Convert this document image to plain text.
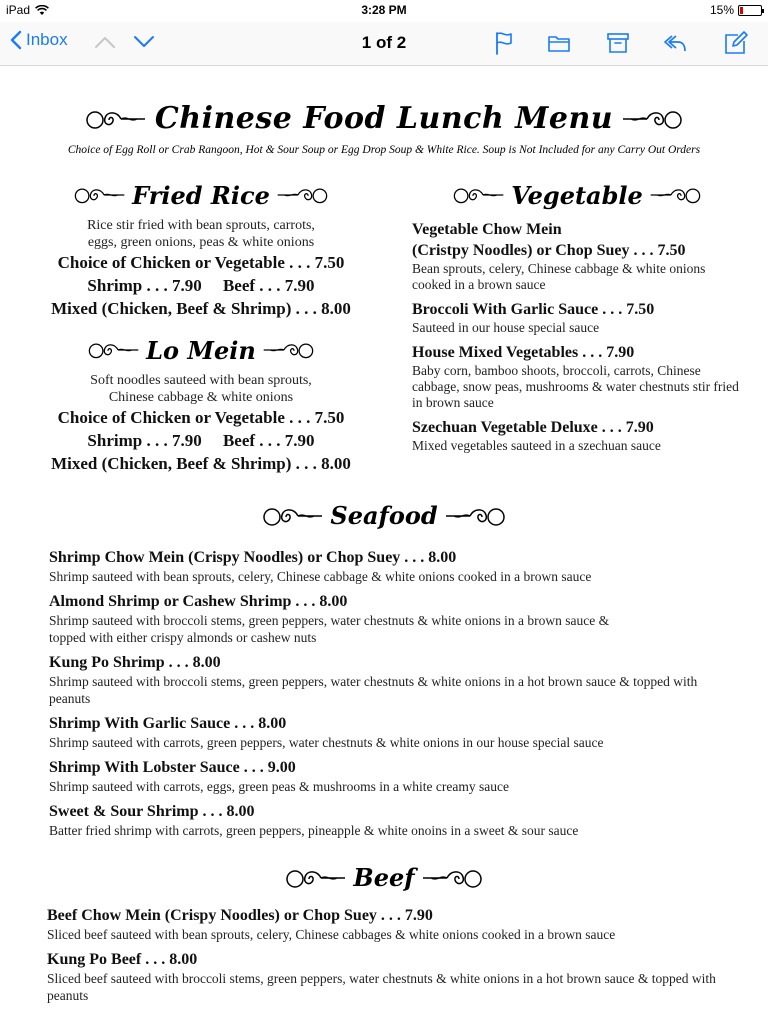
iPad	3:28 PM	15%
Inbox	1 of 2
Chinese Food Lunch Menu
Choice of Egg Roll or Crab Rangoon, Hot & Sour Soup or Egg Drop Soup & White Rice. Soup is Not Included for any Carry Out Orders
Fried Rice
Rice stir fried with bean sprouts, carrots,
eggs, green onions, peas & white onions
Choice of Chicken or Vegetable . . . 7.50
Shrimp . . . 7.90 Beef . . . 7.90
Mixed (Chicken, Beef & Shrimp) . . . 8.00
Lo Mein
Soft noodles sauteed with bean sprouts,
Chinese cabbage & white onions
Choice of Chicken or Vegetable . . . 7.50
Shrimp . . . 7.90 Beef . . . 7.90
Mixed (Chicken, Beef & Shrimp) . . . 8.00
Vegetable
Vegetable Chow Mein
(Cristpy Noodles) or Chop Suey . . . 7.50
Bean sprouts, celery, Chinese cabbage & white onions cooked in a brown sauce
Broccoli With Garlic Sauce . . . 7.50
Sauteed in our house special sauce
House Mixed Vegetables . . . 7.90
Baby corn, bamboo shoots, broccoli, carrots, Chinese cabbage, snow peas, mushrooms & water chestnuts stir fried in brown sauce
Szechuan Vegetable Deluxe . . . 7.90
Mixed vegetables sauteed in a szechuan sauce
Seafood
Shrimp Chow Mein (Crispy Noodles) or Chop Suey . . . 8.00
Shrimp sauteed with bean sprouts, celery, Chinese cabbage & white onions cooked in a brown sauce
Almond Shrimp or Cashew Shrimp . . . 8.00
Shrimp sauteed with broccoli stems, green peppers, water chestnuts & white onions in a brown sauce & topped with either crispy almonds or cashew nuts
Kung Po Shrimp . . . 8.00
Shrimp sauteed with broccoli stems, green peppers, water chestnuts & white onions in a hot brown sauce & topped with peanuts
Shrimp With Garlic Sauce . . . 8.00
Shrimp sauteed with carrots, green peppers, water chestnuts & white onions in our house special sauce
Shrimp With Lobster Sauce . . . 9.00
Shrimp sauteed with carrots, eggs, green peas & mushrooms in a white creamy sauce
Sweet & Sour Shrimp . . . 8.00
Batter fried shrimp with carrots, green peppers, pineapple & white onoins in a sweet & sour sauce
Beef
Beef Chow Mein (Crispy Noodles) or Chop Suey . . . 7.90
Sliced beef sauteed with bean sprouts, celery, Chinese cabbages & white onions cooked in a brown sauce
Kung Po Beef . . . 8.00
Sliced beef sauteed with broccoli stems, green peppers, water chestnuts & white onions in a hot brown sauce & topped with peanuts
